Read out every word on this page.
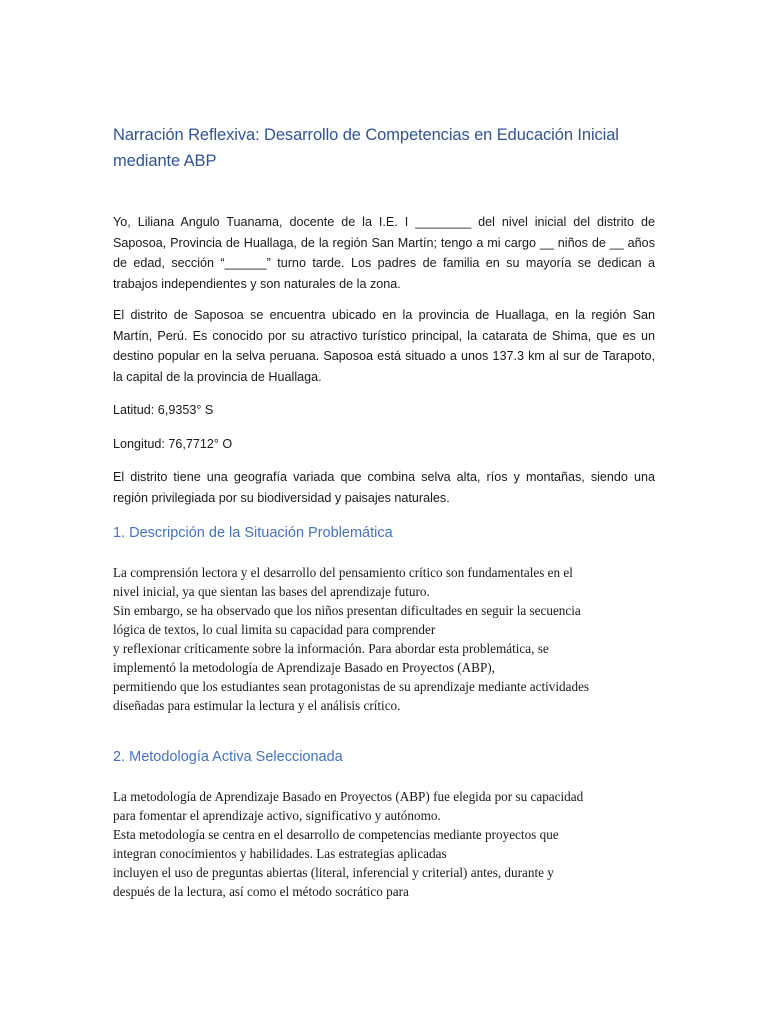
Narración Reflexiva: Desarrollo de Competencias en Educación Inicial mediante ABP

Yo, Liliana Angulo Tuanama, docente de la I.E. I ________ del nivel inicial del distrito de Saposoa, Provincia de Huallaga, de la región San Martín; tengo a mi cargo __ niños de __ años de edad, sección “______” turno tarde. Los padres de familia en su mayoría se dedican a trabajos independientes y son naturales de la zona.

El distrito de Saposoa se encuentra ubicado en la provincia de Huallaga, en la región San Martín, Perú. Es conocido por su atractivo turístico principal, la catarata de Shima, que es un destino popular en la selva peruana. Saposoa está situado a unos 137.3 km al sur de Tarapoto, la capital de la provincia de Huallaga.

Latitud: 6,9353° S

Longitud: 76,7712° O

El distrito tiene una geografía variada que combina selva alta, ríos y montañas, siendo una región privilegiada por su biodiversidad y paisajes naturales.

1. Descripción de la Situación Problemática

La comprensión lectora y el desarrollo del pensamiento crítico son fundamentales en el
nivel inicial, ya que sientan las bases del aprendizaje futuro.
Sin embargo, se ha observado que los niños presentan dificultades en seguir la secuencia
lógica de textos, lo cual limita su capacidad para comprender
y reflexionar críticamente sobre la información. Para abordar esta problemática, se
implementó la metodología de Aprendizaje Basado en Proyectos (ABP),
permitiendo que los estudiantes sean protagonistas de su aprendizaje mediante actividades
diseñadas para estimular la lectura y el análisis crítico.

2. Metodología Activa Seleccionada

La metodología de Aprendizaje Basado en Proyectos (ABP) fue elegida por su capacidad
para fomentar el aprendizaje activo, significativo y autónomo.
Esta metodología se centra en el desarrollo de competencias mediante proyectos que
integran conocimientos y habilidades. Las estrategias aplicadas
incluyen el uso de preguntas abiertas (literal, inferencial y criterial) antes, durante y
después de la lectura, así como el método socrático para
